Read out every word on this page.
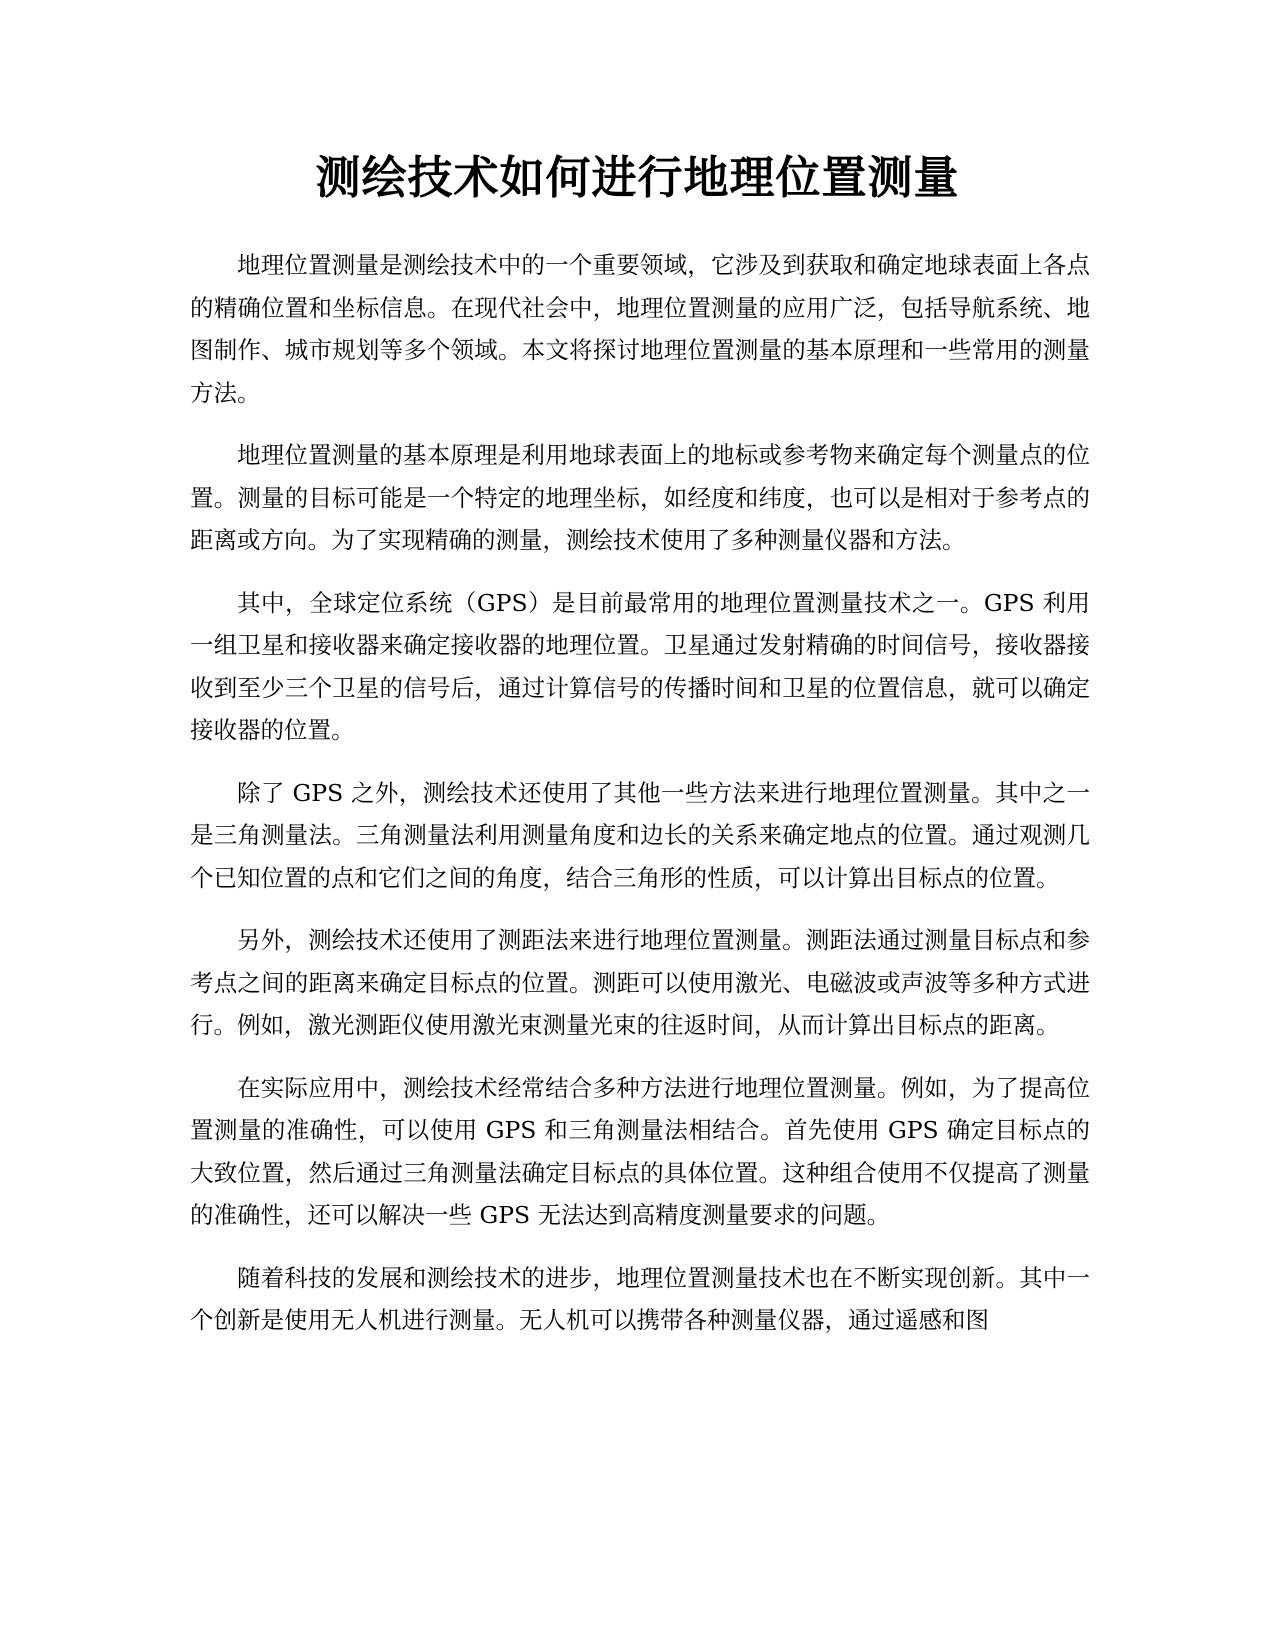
测绘技术如何进行地理位置测量

地理位置测量是测绘技术中的一个重要领域，它涉及到获取和确定地球表面上各点的精确位置和坐标信息。在现代社会中，地理位置测量的应用广泛，包括导航系统、地图制作、城市规划等多个领域。本文将探讨地理位置测量的基本原理和一些常用的测量方法。

地理位置测量的基本原理是利用地球表面上的地标或参考物来确定每个测量点的位置。测量的目标可能是一个特定的地理坐标，如经度和纬度，也可以是相对于参考点的距离或方向。为了实现精确的测量，测绘技术使用了多种测量仪器和方法。

其中，全球定位系统（GPS）是目前最常用的地理位置测量技术之一。GPS 利用一组卫星和接收器来确定接收器的地理位置。卫星通过发射精确的时间信号，接收器接收到至少三个卫星的信号后，通过计算信号的传播时间和卫星的位置信息，就可以确定接收器的位置。

除了 GPS 之外，测绘技术还使用了其他一些方法来进行地理位置测量。其中之一是三角测量法。三角测量法利用测量角度和边长的关系来确定地点的位置。通过观测几个已知位置的点和它们之间的角度，结合三角形的性质，可以计算出目标点的位置。

另外，测绘技术还使用了测距法来进行地理位置测量。测距法通过测量目标点和参考点之间的距离来确定目标点的位置。测距可以使用激光、电磁波或声波等多种方式进行。例如，激光测距仪使用激光束测量光束的往返时间，从而计算出目标点的距离。

在实际应用中，测绘技术经常结合多种方法进行地理位置测量。例如，为了提高位置测量的准确性，可以使用 GPS 和三角测量法相结合。首先使用 GPS 确定目标点的大致位置，然后通过三角测量法确定目标点的具体位置。这种组合使用不仅提高了测量的准确性，还可以解决一些 GPS 无法达到高精度测量要求的问题。

随着科技的发展和测绘技术的进步，地理位置测量技术也在不断实现创新。其中一个创新是使用无人机进行测量。无人机可以携带各种测量仪器，通过遥感和图
